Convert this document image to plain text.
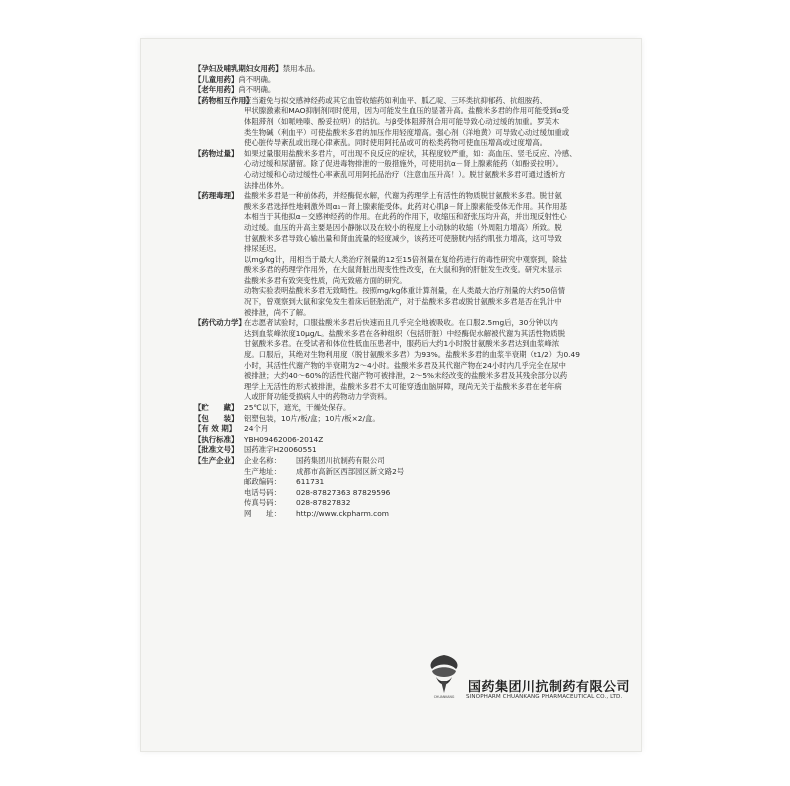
【孕妇及哺乳期妇女用药】禁用本品。
【儿童用药】尚不明确。
【老年用药】尚不明确。
【药物相互作用】
应当避免与拟交感神经药或其它血管收缩药如利血平、胍乙啶、三环类抗抑郁药、抗组胺药、
甲状腺激素和MAO抑制剂同时使用，因为可能发生血压的显著升高。盐酸米多君的作用可能受到α受
体阻滞剂（如哌唑嗪、酚妥拉明）的拮抗。与β受体阻滞剂合用可能导致心动过缓的加重。罗芙木
类生物碱（利血平）可使盐酸米多君的加压作用轻度增高。强心剂（洋地黄）可导致心动过缓加重或
使心脏传导紊乱或出现心律紊乱。同时使用阿托品或可的松类药物可使血压增高或过度增高。
【药物过量】 如果过量服用盐酸米多君片，可出现不良反应的症状，其程度较严重，如：高血压、竖毛反应、冷感、
心动过缓和尿潴留。除了促进毒物排泄的一般措施外，可使用抗α－肾上腺素能药（如酚妥拉明）。
心动过缓和心动过缓性心率紊乱可用阿托品治疗（注意血压升高！）。脱甘氨酸米多君可通过透析方
法排出体外。
【药理毒理】 盐酸米多君是一种前体药，并经酶促水解，代谢为药理学上有活性的物质脱甘氨酸米多君。脱甘氨
酸米多君选择性地刺激外周α₁－肾上腺素能受体。此药对心肌β－肾上腺素能受体无作用。其作用基
本相当于其他拟α－交感神经药的作用。在此药的作用下，收缩压和舒张压均升高，并出现反射性心
动过缓。血压的升高主要是因小静脉以及在较小的程度上小动脉的收缩（外周阻力增高）所致。脱
甘氨酸米多君导致心输出量和肾血流量的轻度减少，该药还可使膀胱内括约肌张力增高，这可导致
排尿延迟。
以mg/kg计，用相当于最大人类治疗剂量的12至15倍剂量在复给药进行的毒性研究中观察到，除盐
酸米多君的药理学作用外，在大鼠肾脏出现变性性改变，在大鼠和狗的肝脏发生改变。研究未显示
盐酸米多君有致突变性质，尚无致癌方面的研究。
动物实验表明盐酸米多君无致畸性。按照mg/kg体重计算剂量，在人类最大治疗剂量的大约50倍情
况下，曾观察到大鼠和家兔发生着床后胚胎流产，对于盐酸米多君或脱甘氨酸米多君是否在乳汁中
被排泄，尚不了解。
【药代动力学】
在志愿者试验时，口服盐酸米多君后快速而且几乎完全地被吸收。在口服2.5mg后，30分钟以内
达到血浆峰浓度10μg/L。盐酸米多君在各种组织（包括肝脏）中经酶促水解被代谢为其活性物质脱
甘氨酸米多君。在受试者和体位性低血压患者中，服药后大约1小时脱甘氨酸米多君达到血浆峰浓
度。口服后，其绝对生物利用度（脱甘氨酸米多君）为93%。盐酸米多君的血浆半衰期（t1/2）为0.49
小时，其活性代谢产物的半衰期为2～4小时。盐酸米多君及其代谢产物在24小时内几乎完全在尿中
被排泄；大约40～60%的活性代谢产物可被排泄，2～5%未经改变的盐酸米多君及其残余部分以药
理学上无活性的形式被排泄，盐酸米多君不太可能穿透血脑屏障，现尚无关于盐酸米多君在老年病
人或肝肾功能受损病人中的药物动力学资料。
【贮　　藏】 25℃以下，遮光，干燥处保存。
【包　　装】 铝塑包装，10片/板/盒；10片/板×2/盒。
【有 效 期】 24个月
【执行标准】 YBH09462006-2014Z
【批准文号】 国药准字H20060551
【生产企业】 企业名称： 国药集团川抗制药有限公司
生产地址： 成都市高新区西部园区新文路2号
邮政编码： 611731
电话号码： 028-87827363 87829596
传真号码： 028-87827832
网　　址： http://www.ckpharm.com
CHUANKANG
国药集团川抗制药有限公司
SINOPHARM CHUANKANG PHARMACEUTICAL CO., LTD.
